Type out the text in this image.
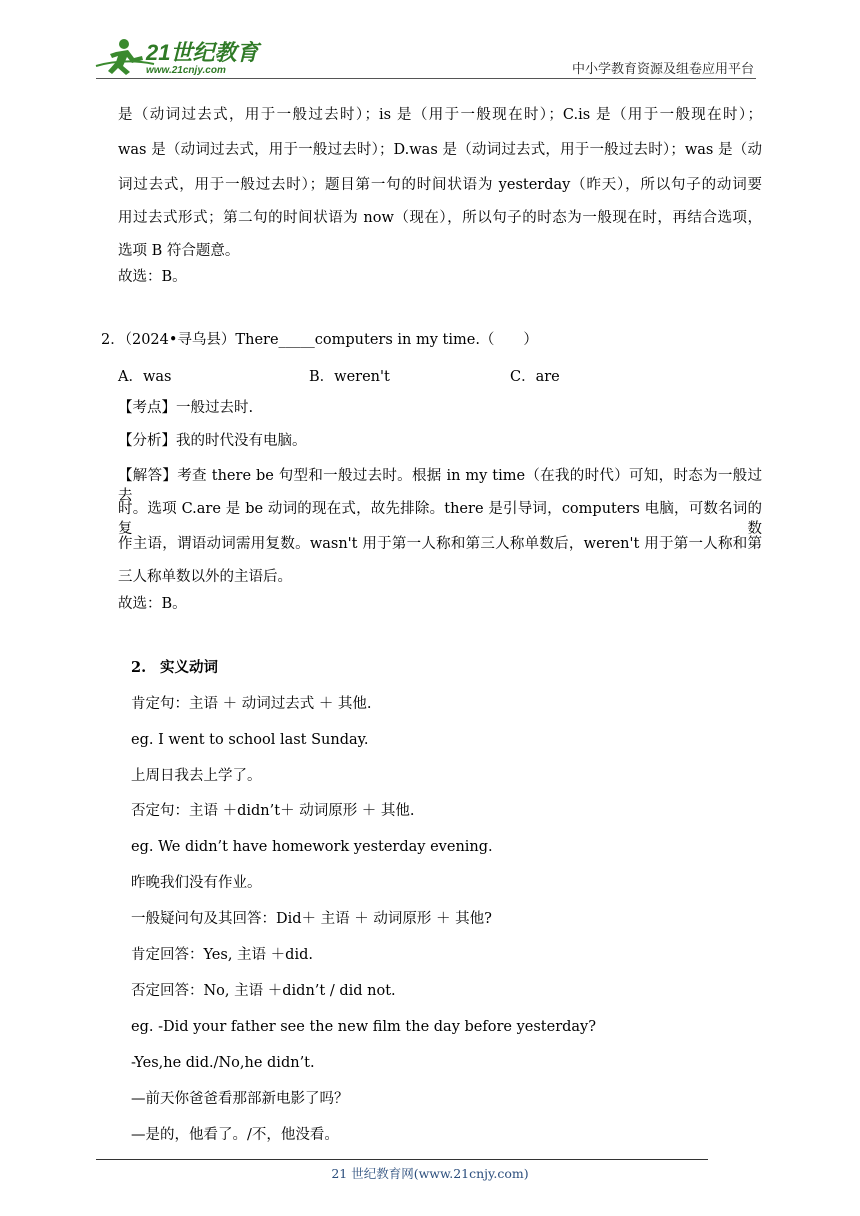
21世纪教育
www.21cnjy.com	中小学教育资源及组卷应用平台
是（动词过去式，用于一般过去时）；is 是（用于一般现在时）；C.is 是（用于一般现在时）；
was 是（动词过去式，用于一般过去时）；D.was 是（动词过去式，用于一般过去时）；was 是（动
词过去式，用于一般过去时）；题目第一句的时间状语为 yesterday（昨天），所以句子的动词要
用过去式形式；第二句的时间状语为 now（现在），所以句子的时态为一般现在时，再结合选项，
选项 B 符合题意。
故选：B。
2．（2024•寻乌县）There_____computers in my time.（　　）
A．was	B．weren't	C．are
【考点】一般过去时.
【分析】我的时代没有电脑。
【解答】考查 there be 句型和一般过去时。根据 in my time（在我的时代）可知，时态为一般过去
时。选项 C.are 是 be 动词的现在式，故先排除。there 是引导词，computers 电脑，可数名词的复数
作主语，谓语动词需用复数。wasn't 用于第一人称和第三人称单数后，weren't 用于第一人称和第
三人称单数以外的主语后。
故选：B。
2. 实义动词
肯定句：主语 ＋ 动词过去式 ＋ 其他.
eg. I went to school last Sunday.
上周日我去上学了。
否定句：主语 ＋didn’t＋ 动词原形 ＋ 其他.
eg. We didn’t have homework yesterday evening.
昨晚我们没有作业。
一般疑问句及其回答：Did＋ 主语 ＋ 动词原形 ＋ 其他?
肯定回答：Yes, 主语 ＋did.
否定回答：No, 主语 ＋didn’t / did not.
eg. -Did your father see the new film the day before yesterday?
-Yes,he did./No,he didn’t.
—前天你爸爸看那部新电影了吗？
—是的，他看了。/不，他没看。
21 世纪教育网(www.21cnjy.com)
